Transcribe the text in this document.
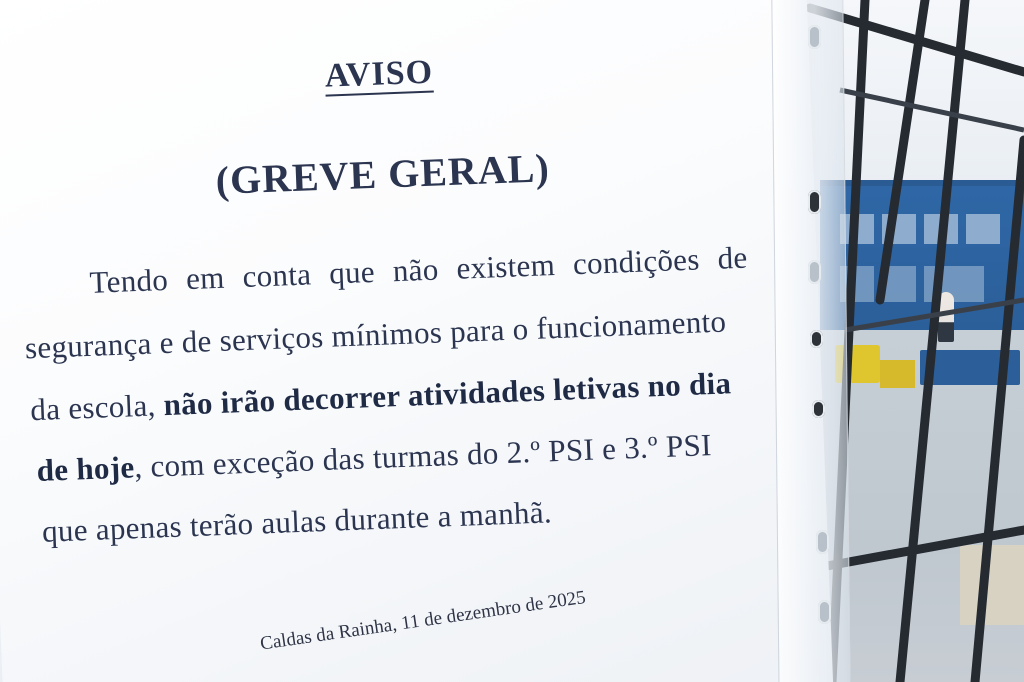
AVISO
(GREVE GERAL)
Tendo em conta que não existem condições de
segurança e de serviços mínimos para o funcionamento
da escola, não irão decorrer atividades letivas no dia
de hoje, com exceção das turmas do 2.º PSI e 3.º PSI
que apenas terão aulas durante a manhã.
Caldas da Rainha, 11 de dezembro de 2025
